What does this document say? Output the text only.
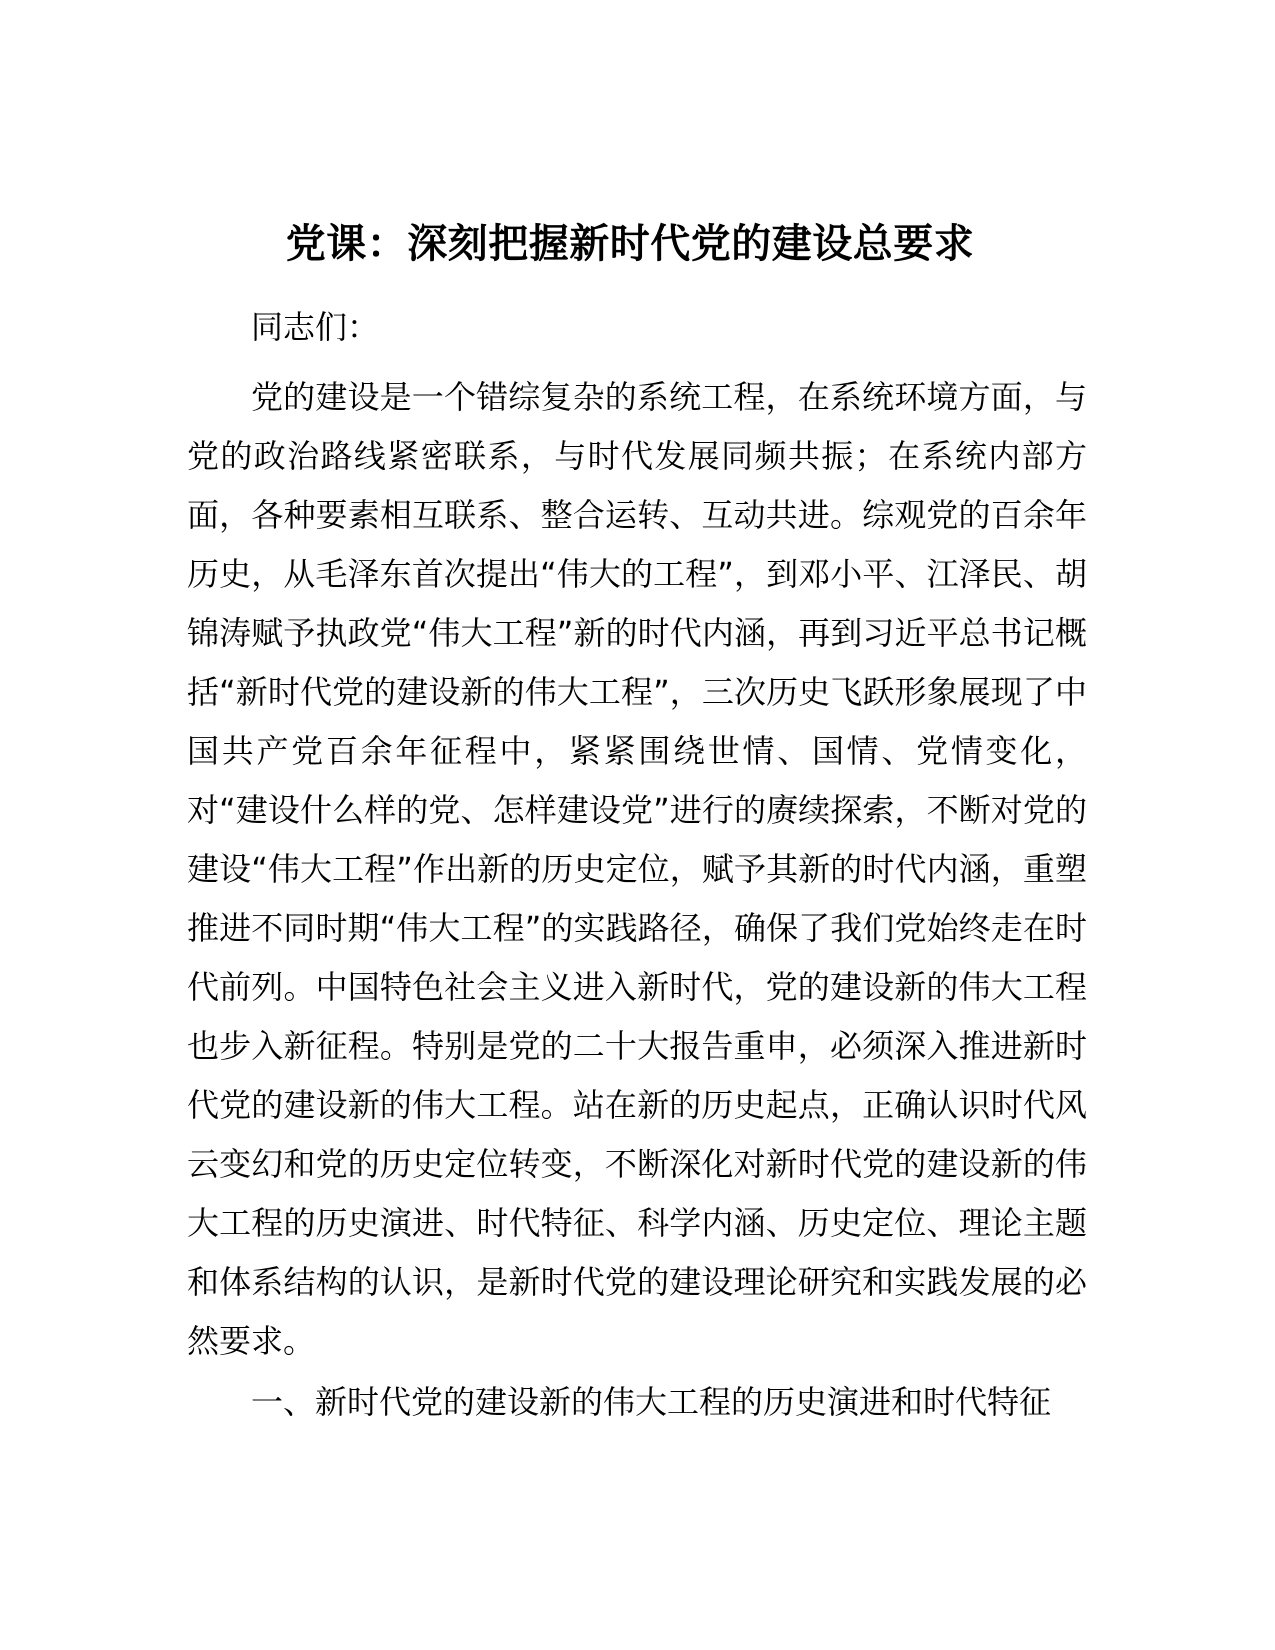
党课：深刻把握新时代党的建设总要求

同志们：

党的建设是一个错综复杂的系统工程，在系统环境方面，与党的政治路线紧密联系，与时代发展同频共振；在系统内部方面，各种要素相互联系、整合运转、互动共进。综观党的百余年历史，从毛泽东首次提出“伟大的工程”，到邓小平、江泽民、胡锦涛赋予执政党“伟大工程”新的时代内涵，再到习近平总书记概括“新时代党的建设新的伟大工程”，三次历史飞跃形象展现了中国共产党百余年征程中，紧紧围绕世情、国情、党情变化，对“建设什么样的党、怎样建设党”进行的赓续探索，不断对党的建设“伟大工程”作出新的历史定位，赋予其新的时代内涵，重塑推进不同时期“伟大工程”的实践路径，确保了我们党始终走在时代前列。中国特色社会主义进入新时代，党的建设新的伟大工程也步入新征程。特别是党的二十大报告重申，必须深入推进新时代党的建设新的伟大工程。站在新的历史起点，正确认识时代风云变幻和党的历史定位转变，不断深化对新时代党的建设新的伟大工程的历史演进、时代特征、科学内涵、历史定位、理论主题和体系结构的认识，是新时代党的建设理论研究和实践发展的必然要求。

一、新时代党的建设新的伟大工程的历史演进和时代特征
